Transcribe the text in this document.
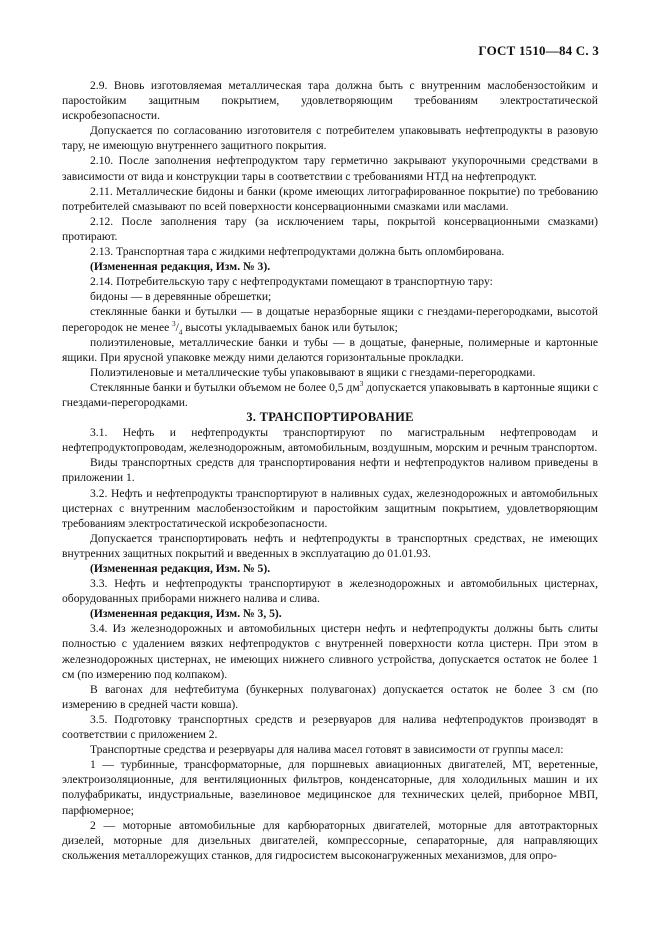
ГОСТ 1510—84 С. 3

2.9. Вновь изготовляемая металлическая тара должна быть с внутренним маслобензостойким и паростойким защитным покрытием, удовлетворяющим требованиям электростатической искробезопасности.

Допускается по согласованию изготовителя с потребителем упаковывать нефтепродукты в разовую тару, не имеющую внутреннего защитного покрытия.

2.10. После заполнения нефтепродуктом тару герметично закрывают укупорочными средствами в зависимости от вида и конструкции тары в соответствии с требованиями НТД на нефтепродукт.

2.11. Металлические бидоны и банки (кроме имеющих литографированное покрытие) по требованию потребителей смазывают по всей поверхности консервационными смазками или маслами.

2.12. После заполнения тару (за исключением тары, покрытой консервационными смазками) протирают.

2.13. Транспортная тара с жидкими нефтепродуктами должна быть опломбирована.

(Измененная редакция, Изм. № 3).

2.14. Потребительскую тару с нефтепродуктами помещают в транспортную тару:

бидоны — в деревянные обрешетки;

стеклянные банки и бутылки — в дощатые неразборные ящики с гнездами-перегородками, высотой перегородок не менее $^3/_4$ высоты укладываемых банок или бутылок;

полиэтиленовые, металлические банки и тубы — в дощатые, фанерные, полимерные и картонные ящики. При ярусной упаковке между ними делаются горизонтальные прокладки.

Полиэтиленовые и металлические тубы упаковывают в ящики с гнездами-перегородками.

Стеклянные банки и бутылки объемом не более 0,5 $дм^3$ допускается упаковывать в картонные ящики с гнездами-перегородками.

3. ТРАНСПОРТИРОВАНИЕ

3.1. Нефть и нефтепродукты транспортируют по магистральным нефтепроводам и нефтепродуктопроводам, железнодорожным, автомобильным, воздушным, морским и речным транспортом.

Виды транспортных средств для транспортирования нефти и нефтепродуктов наливом приведены в приложении 1.

3.2. Нефть и нефтепродукты транспортируют в наливных судах, железнодорожных и автомобильных цистернах с внутренним маслобензостойким и паростойким защитным покрытием, удовлетворяющим требованиям электростатической искробезопасности.

Допускается транспортировать нефть и нефтепродукты в транспортных средствах, не имеющих внутренних защитных покрытий и введенных в эксплуатацию до 01.01.93.

(Измененная редакция, Изм. № 5).

3.3. Нефть и нефтепродукты транспортируют в железнодорожных и автомобильных цистернах, оборудованных приборами нижнего налива и слива.

(Измененная редакция, Изм. № 3, 5).

3.4. Из железнодорожных и автомобильных цистерн нефть и нефтепродукты должны быть слиты полностью с удалением вязких нефтепродуктов с внутренней поверхности котла цистерн. При этом в железнодорожных цистернах, не имеющих нижнего сливного устройства, допускается остаток не более 1 см (по измерению под колпаком).

В вагонах для нефтебитума (бункерных полувагонах) допускается остаток не более 3 см (по измерению в средней части ковша).

3.5. Подготовку транспортных средств и резервуаров для налива нефтепродуктов производят в соответствии с приложением 2.

Транспортные средства и резервуары для налива масел готовят в зависимости от группы масел:

1 — турбинные, трансформаторные, для поршневых авиационных двигателей, МТ, веретенные, электроизоляционные, для вентиляционных фильтров, конденсаторные, для холодильных машин и их полуфабрикаты, индустриальные, вазелиновое медицинское для технических целей, приборное МВП, парфюмерное;

2 — моторные автомобильные для карбюраторных двигателей, моторные для автотракторных дизелей, моторные для дизельных двигателей, компрессорные, сепараторные, для направляющих скольжения металлорежущих станков, для гидросистем высоконагруженных механизмов, для опро-
